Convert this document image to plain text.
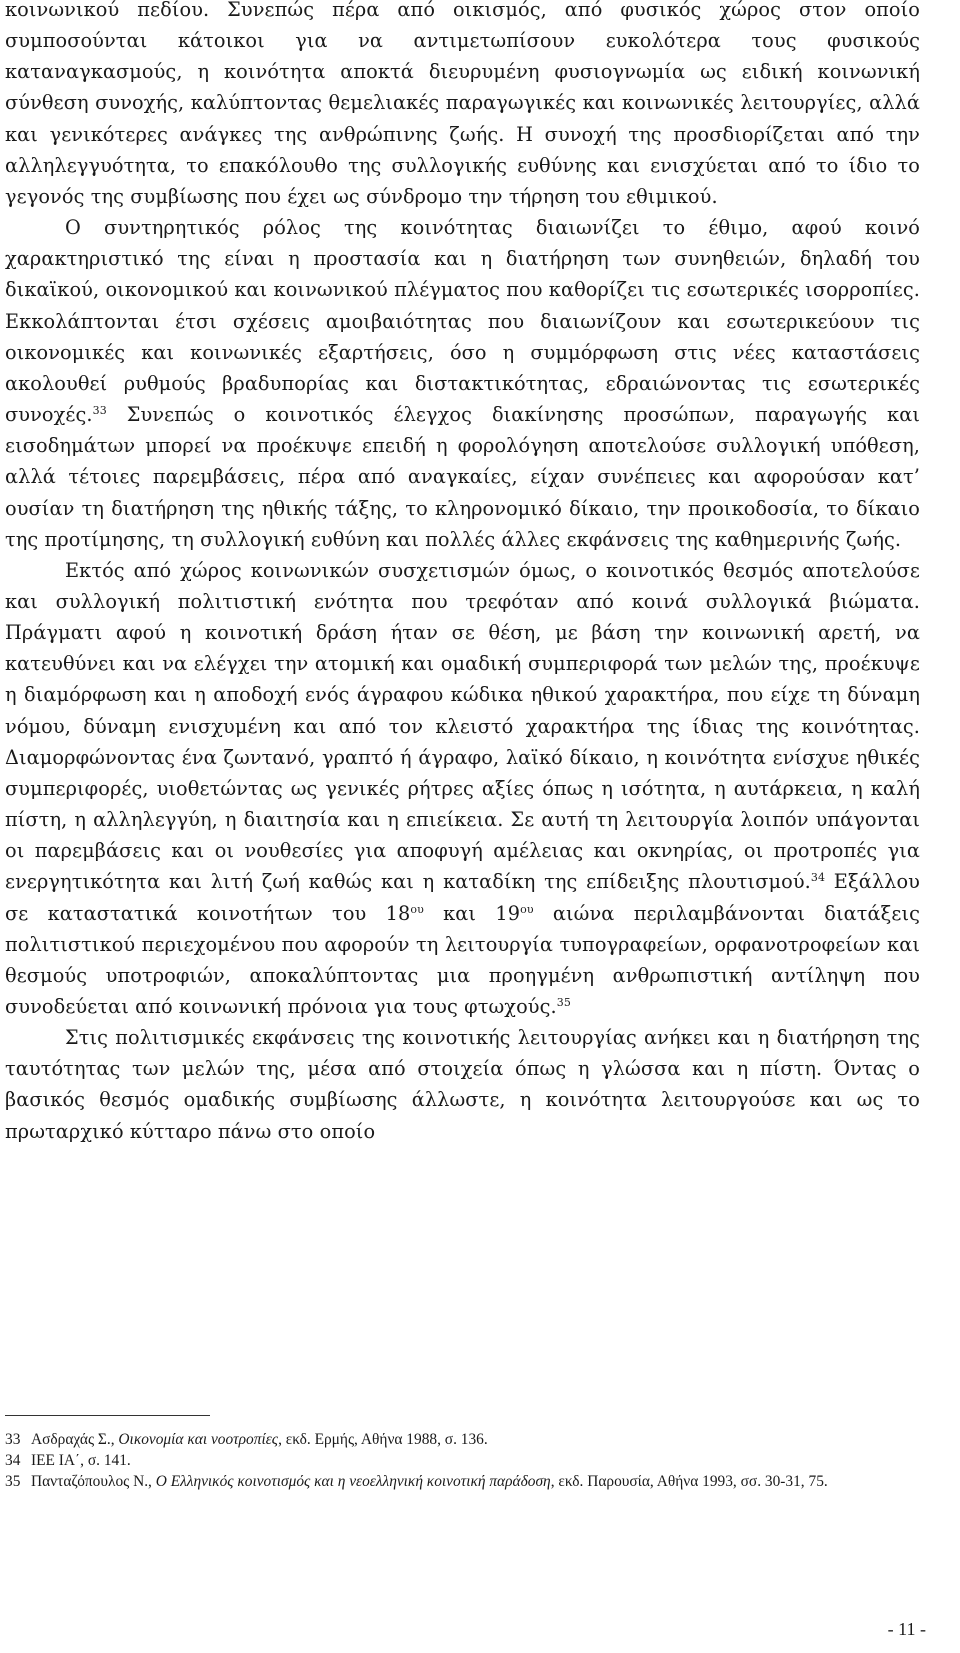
κοινωνικού πεδίου. Συνεπώς πέρα από οικισμός, από φυσικός χώρος στον οποίο συμποσούνται κάτοικοι για να αντιμετωπίσουν ευκολότερα τους φυσικούς καταναγκασμούς, η κοινότητα αποκτά διευρυμένη φυσιογνωμία ως ειδική κοινωνική σύνθεση συνοχής, καλύπτοντας θεμελιακές παραγωγικές και κοινωνικές λειτουργίες, αλλά και γενικότερες ανάγκες της ανθρώπινης ζωής. Η συνοχή της προσδιορίζεται από την αλληλεγγυότητα, το επακόλουθο της συλλογικής ευθύνης και ενισχύεται από το ίδιο το γεγονός της συμβίωσης που έχει ως σύνδρομο την τήρηση του εθιμικού.

Ο συντηρητικός ρόλος της κοινότητας διαιωνίζει το έθιμο, αφού κοινό χαρακτηριστικό της είναι η προστασία και η διατήρηση των συνηθειών, δηλαδή του δικαϊκού, οικονομικού και κοινωνικού πλέγματος που καθορίζει τις εσωτερικές ισορροπίες. Εκκολάπτονται έτσι σχέσεις αμοιβαιότητας που διαιωνίζουν και εσωτερικεύουν τις οικονομικές και κοινωνικές εξαρτήσεις, όσο η συμμόρφωση στις νέες καταστάσεις ακολουθεί ρυθμούς βραδυπορίας και διστακτικότητας, εδραιώνοντας τις εσωτερικές συνοχές.$^{33}$ Συνεπώς ο κοινοτικός έλεγχος διακίνησης προσώπων, παραγωγής και εισοδημάτων μπορεί να προέκυψε επειδή η φορολόγηση αποτελούσε συλλογική υπόθεση, αλλά τέτοιες παρεμβάσεις, πέρα από αναγκαίες, είχαν συνέπειες και αφορούσαν κατ’ ουσίαν τη διατήρηση της ηθικής τάξης, το κληρονομικό δίκαιο, την προικοδοσία, το δίκαιο της προτίμησης, τη συλλογική ευθύνη και πολλές άλλες εκφάνσεις της καθημερινής ζωής.

Εκτός από χώρος κοινωνικών συσχετισμών όμως, ο κοινοτικός θεσμός αποτελούσε και συλλογική πολιτιστική ενότητα που τρεφόταν από κοινά συλλογικά βιώματα. Πράγματι αφού η κοινοτική δράση ήταν σε θέση, με βάση την κοινωνική αρετή, να κατευθύνει και να ελέγχει την ατομική και ομαδική συμπεριφορά των μελών της, προέκυψε η διαμόρφωση και η αποδοχή ενός άγραφου κώδικα ηθικού χαρακτήρα, που είχε τη δύναμη νόμου, δύναμη ενισχυμένη και από τον κλειστό χαρακτήρα της ίδιας της κοινότητας. Διαμορφώνοντας ένα ζωντανό, γραπτό ή άγραφο, λαϊκό δίκαιο, η κοινότητα ενίσχυε ηθικές συμπεριφορές, υιοθετώντας ως γενικές ρήτρες αξίες όπως η ισότητα, η αυτάρκεια, η καλή πίστη, η αλληλεγγύη, η διαιτησία και η επιείκεια. Σε αυτή τη λειτουργία λοιπόν υπάγονται οι παρεμβάσεις και οι νουθεσίες για αποφυγή αμέλειας και οκνηρίας, οι προτροπές για ενεργητικότητα και λιτή ζωή καθώς και η καταδίκη της επίδειξης πλουτισμού.$^{34}$ Εξάλλου σε καταστατικά κοινοτήτων του $18^{o\upsilon}$ και $19^{o\upsilon}$ αιώνα περιλαμβάνονται διατάξεις πολιτιστικού περιεχομένου που αφορούν τη λειτουργία τυπογραφείων, ορφανοτροφείων και θεσμούς υποτροφιών, αποκαλύπτοντας μια προηγμένη ανθρωπιστική αντίληψη που συνοδεύεται από κοινωνική πρόνοια για τους φτωχούς.$^{35}$

Στις πολιτισμικές εκφάνσεις της κοινοτικής λειτουργίας ανήκει και η διατήρηση της ταυτότητας των μελών της, μέσα από στοιχεία όπως η γλώσσα και η πίστη. Όντας ο βασικός θεσμός ομαδικής συμβίωσης άλλωστε, η κοινότητα λειτουργούσε και ως το πρωταρχικό κύτταρο πάνω στο οποίο

33 Ασδραχάς Σ., Οικονομία και νοοτροπίες, εκδ. Ερμής, Αθήνα 1988, σ. 136.
34 ΙΕΕ ΙΑ΄, σ. 141.
35 Πανταζόπουλος Ν., Ο Ελληνικός κοινοτισμός και η νεοελληνική κοινοτική παράδοση, εκδ. Παρουσία, Αθήνα 1993, σσ. 30-31, 75.
- 11 -
